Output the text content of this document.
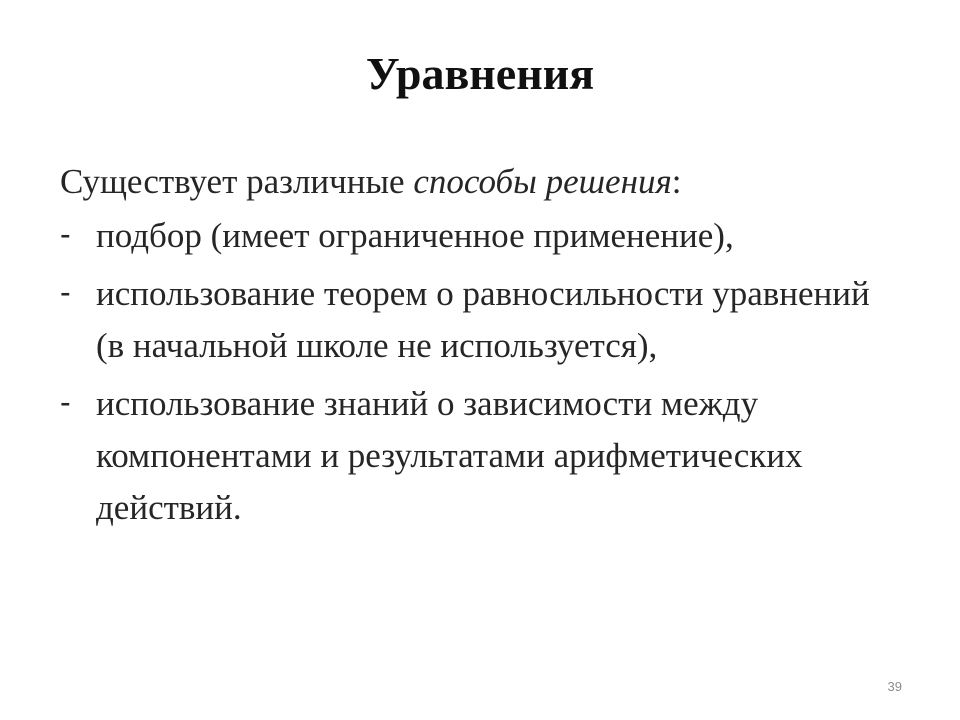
Уравнения

Существует различные способы решения:

- подбор (имеет ограниченное применение),
- использование теорем о равносильности уравнений (в начальной школе не используется),
- использование знаний о зависимости между компонентами и результатами арифметических действий.
39
